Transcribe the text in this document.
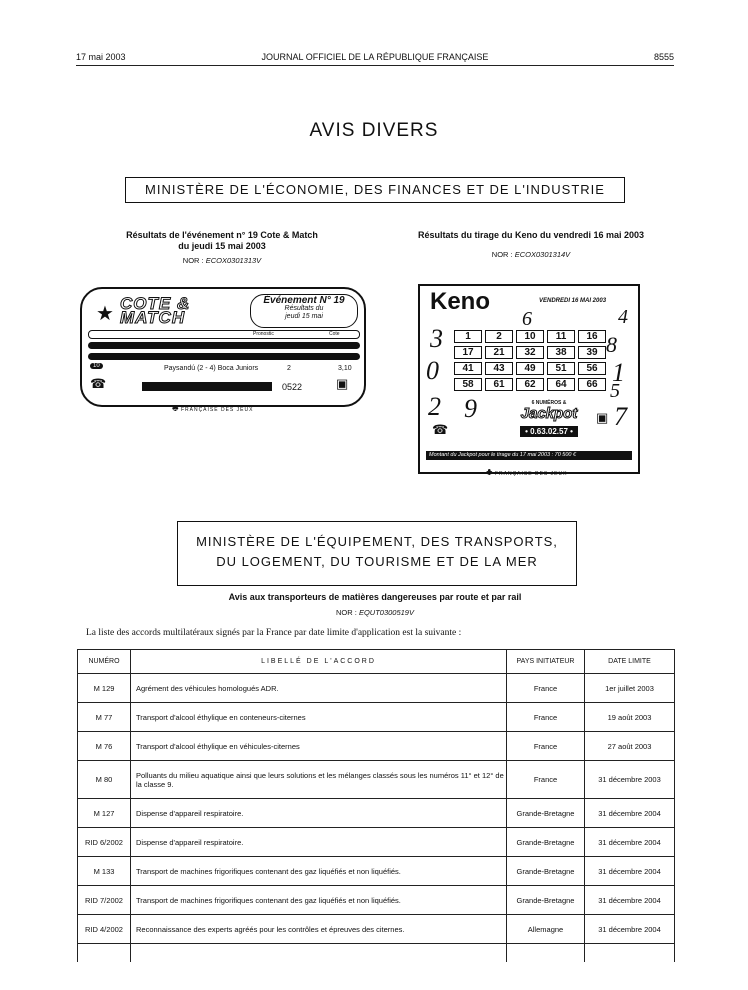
17 mai 2003	JOURNAL OFFICIEL DE LA RÉPUBLIQUE FRANÇAISE	8555
AVIS DIVERS
MINISTÈRE DE L'ÉCONOMIE, DES FINANCES ET DE L'INDUSTRIE
Résultats de l'événement n° 19 Cote & Match
du jeudi 15 mai 2003
NOR : ECOX0301313V
★ COTE &
MATCH
Événement N° 19
Résultats du
jeudi 15 mai
Pronostic	Cote
10	Paysandú (2 - 4) Boca Juniors	2	3,10
☎	0522	▣
♣ FRANÇAISE DES JEUX
Résultats du tirage du Keno du vendredi 16 mai 2003
NOR : ECOX0301314V
Keno	VENDREDI 16 MAI 2003
3
0
2 9
6	4
8
1
5
7
1	2	10	11	16
17	21	32	38	39
41	43	49	51	56
58	61	62	64	66
☎
6 NUMÉROS &
Jackpot
• 0.63.02.57 •
▣
Montant du Jackpot pour le tirage du 17 mai 2003 : 70 500 €
♣ FRANÇAISE DES JEUX
MINISTÈRE DE L'ÉQUIPEMENT, DES TRANSPORTS,
DU LOGEMENT, DU TOURISME ET DE LA MER
Avis aux transporteurs de matières dangereuses par route et par rail
NOR : EQUT0300519V
La liste des accords multilatéraux signés par la France par date limite d'application est la suivante :
NUMÉRO	LIBELLÉ DE L'ACCORD	PAYS INITIATEUR	DATE LIMITE
M 129	Agrément des véhicules homologués ADR.	France	1er juillet 2003
M 77	Transport d'alcool éthylique en conteneurs-citernes	France	19 août 2003
M 76	Transport d'alcool éthylique en véhicules-citernes	France	27 août 2003
M 80	Polluants du milieu aquatique ainsi que leurs solutions et les mélanges classés sous les numéros 11° et 12° de la classe 9.	France	31 décembre 2003
M 127	Dispense d'appareil respiratoire.	Grande-Bretagne	31 décembre 2004
RID 6/2002	Dispense d'appareil respiratoire.	Grande-Bretagne	31 décembre 2004
M 133	Transport de machines frigorifiques contenant des gaz liquéfiés et non liquéfiés.	Grande-Bretagne	31 décembre 2004
RID 7/2002	Transport de machines frigorifiques contenant des gaz liquéfiés et non liquéfiés.	Grande-Bretagne	31 décembre 2004
RID 4/2002	Reconnaissance des experts agréés pour les contrôles et épreuves des citernes.	Allemagne	31 décembre 2004
